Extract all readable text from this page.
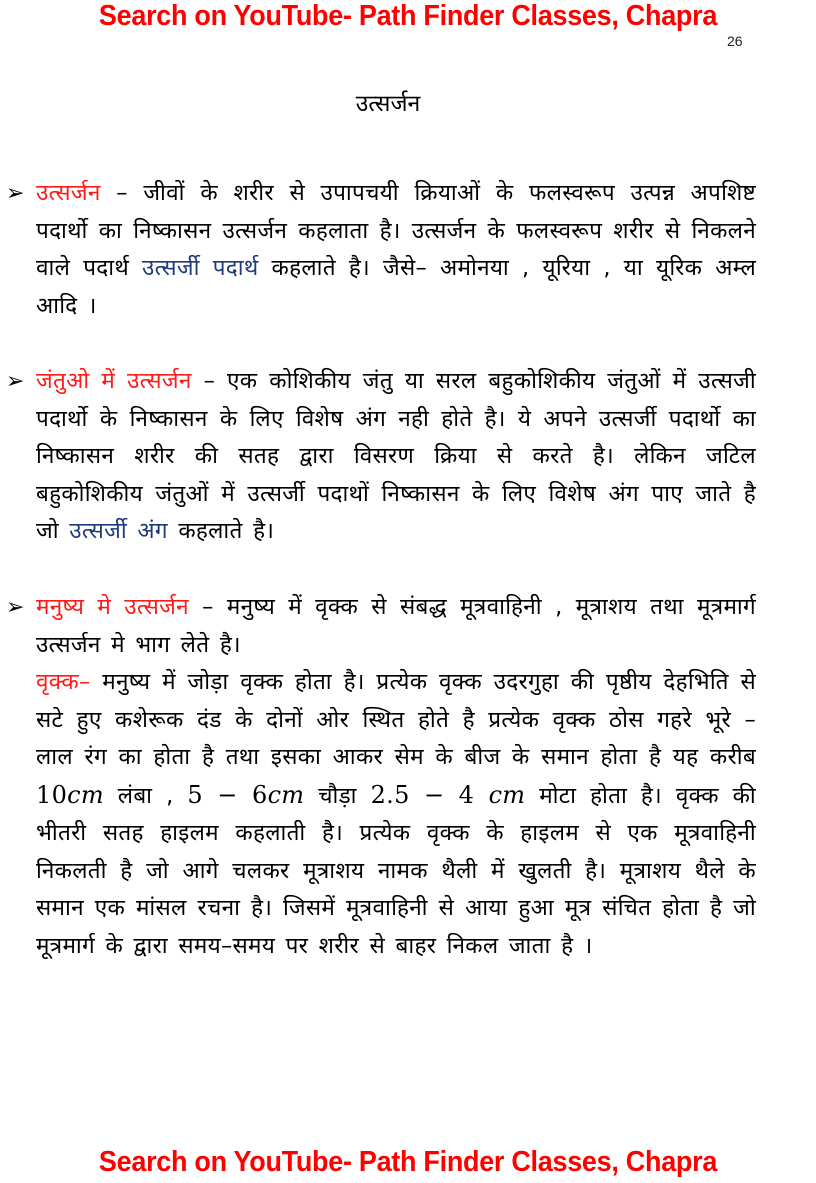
Search on YouTube- Path Finder Classes, Chapra
26
उत्सर्जन
➢ उत्सर्जन – जीवों के शरीर से उपापचयी क्रियाओं के फलस्वरूप उत्पन्न अपशिष्ट पदार्थो का निष्कासन उत्सर्जन कहलाता है। उत्सर्जन के फलस्वरूप शरीर से निकलने वाले पदार्थ उत्सर्जी पदार्थ कहलाते है। जैसे– अमोनया , यूरिया , या यूरिक अम्ल आदि ।

➢ जंतुओ में उत्सर्जन – एक कोशिकीय जंतु या सरल बहुकोशिकीय जंतुओं में उत्सजी पदार्थो के निष्कासन के लिए विशेष अंग नही होते है। ये अपने उत्सर्जी पदार्थो का निष्कासन शरीर की सतह द्वारा विसरण क्रिया से करते है। लेकिन जटिल बहुकोशिकीय जंतुओं में उत्सर्जी पदाथों निष्कासन के लिए विशेष अंग पाए जाते है जो उत्सर्जी अंग कहलाते है।

➢ मनुष्य मे उत्सर्जन – मनुष्य में वृक्क से संबद्ध मूत्रवाहिनी , मूत्राशय तथा मूत्रमार्ग उत्सर्जन मे भाग लेते है।

वृक्क– मनुष्य में जोड़ा वृक्क होता है। प्रत्येक वृक्क उदरगुहा की पृष्ठीय देहभिति से सटे हुए कशेरूक दंड के दोनों ओर स्थित होते है प्रत्येक वृक्क ठोस गहरे भूरे – लाल रंग का होता है तथा इसका आकर सेम के बीज के समान होता है यह करीब 10cm लंबा , 5 − 6cm चौड़ा 2.5 − 4 cm मोटा होता है। वृक्क की भीतरी सतह हाइलम कहलाती है। प्रत्येक वृक्क के हाइलम से एक मूत्रवाहिनी निकलती है जो आगे चलकर मूत्राशय नामक थैली में खुलती है। मूत्राशय थैले के समान एक मांसल रचना है। जिसमें मूत्रवाहिनी से आया हुआ मूत्र संचित होता है जो मूत्रमार्ग के द्वारा समय–समय पर शरीर से बाहर निकल जाता है ।

Search on YouTube- Path Finder Classes, Chapra
